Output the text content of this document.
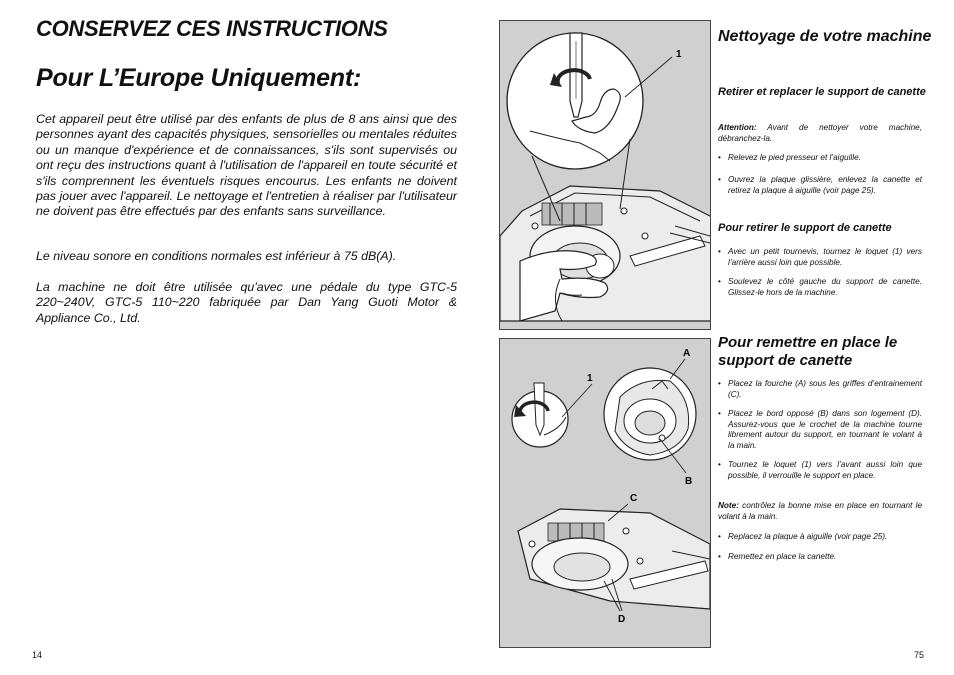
CONSERVEZ CES INSTRUCTIONS
Pour L’Europe Uniquement:

Cet appareil peut être utilisé par des enfants de plus de 8 ans ainsi que des personnes ayant des capacités physiques, sensorielles ou mentales réduites ou un manque d'expérience et de connaissances, s'ils sont supervisés ou ont reçu des instructions quant à l'utilisation de l'appareil en toute sécurité et s'ils comprennent les éventuels risques encourus. Les enfants ne doivent pas jouer avec l'appareil. Le nettoyage et l'entretien à réaliser par l'utilisateur ne doivent pas être effectués par des enfants sans surveillance.

Le niveau sonore en conditions normales est inférieur à 75 dB(A).

La machine ne doit être utilisée qu'avec une pédale du type GTC-5 220~240V, GTC-5 110~220 fabriquée par Dan Yang Guoti Motor & Appliance Co., Ltd.

14
1
1
A
B
C
D
Nettoyage de votre machine
Retirer et replacer le support de canette

Attention: Avant de nettoyer votre machine, débranchez-la.

• Relevez le pied presseur et l’aiguille.

• Ouvrez la plaque glissière, enlevez la canette et retirez la plaque à aiguille (voir page 25).

Pour retirer le support de canette

• Avec un petit tournevis, tournez le loquet (1) vers l’arrière aussi loin que possible.

• Soulevez le côté gauche du support de canette. Glissez-le hors de la machine.

Pour remettre en place le support de canette

• Placez la fourche (A) sous les griffes d’entrainement (C).

• Placez le bord opposé (B) dans son logement (D). Assurez-vous que le crochet de la machine tourne librement autour du support, en tournant le volant à la main.

• Tournez le loquet (1) vers l’avant aussi loin que possible, il verrouille le support en place.

Note: contrôlez la bonne mise en place en tournant le volant à la main.

• Replacez la plaque à aiguille (voir page 25).

• Remettez en place la canette.

75
